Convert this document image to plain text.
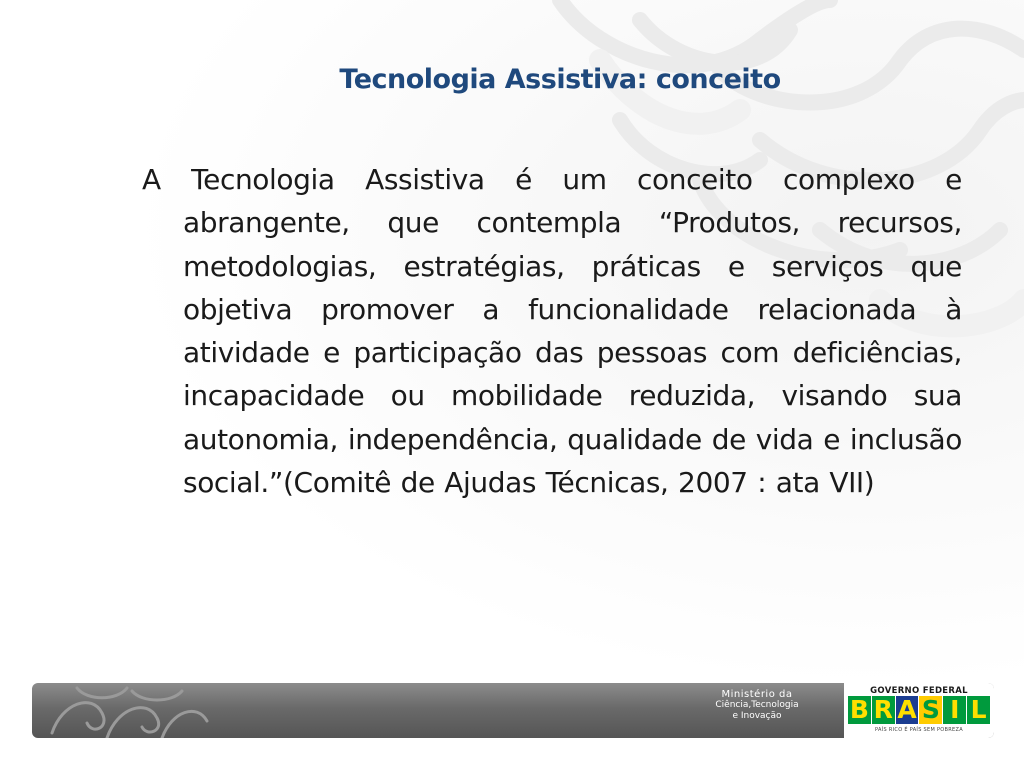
Tecnologia Assistiva: conceito
A Tecnologia Assistiva é um conceito complexo e abrangente, que contempla “Produtos, recursos, metodologias, estratégias, práticas e serviços que objetiva promover a funcionalidade relacionada à atividade e participação das pessoas com deficiências, incapacidade ou mobilidade reduzida, visando sua autonomia, independência, qualidade de vida e inclusão social.”(Comitê de Ajudas Técnicas, 2007 : ata VII)
Ministério da
Ciência,Tecnologia
e Inovação
GOVERNO FEDERAL
B R A S I L
PAÍS RICO É PAÍS SEM POBREZA
